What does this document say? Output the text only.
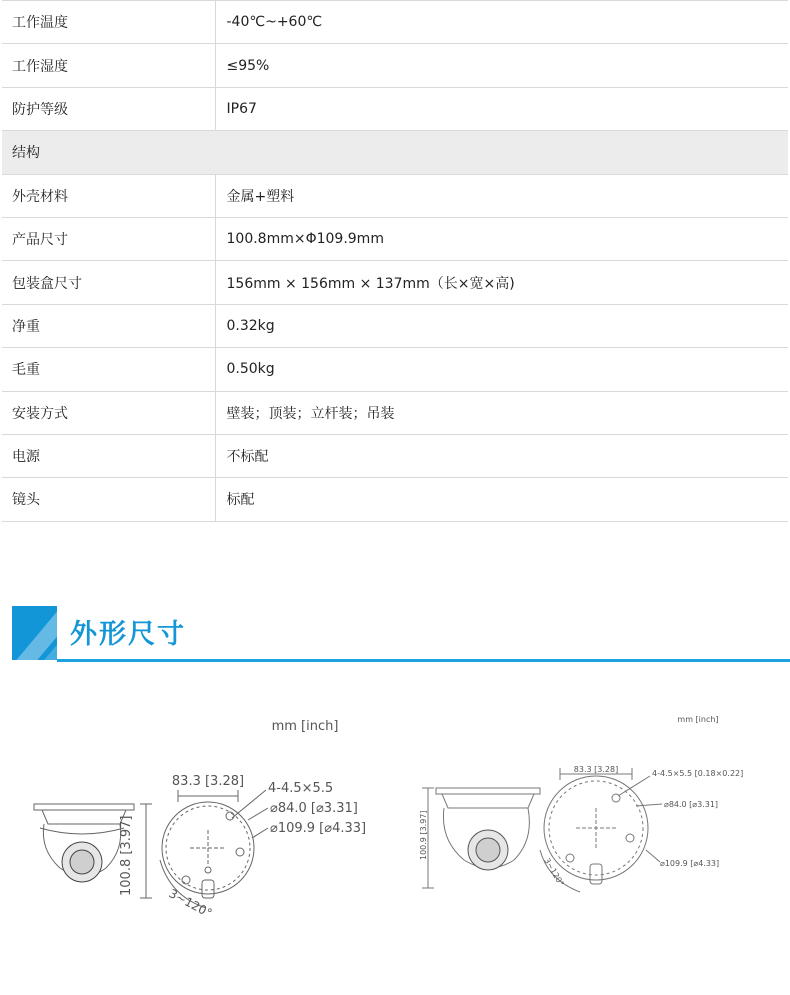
工作温度	-40℃~+60℃
工作湿度	≤95%
防护等级	IP67
结构	
外壳材料	金属+塑料
产品尺寸	100.8mm×Φ109.9mm
包装盒尺寸	156mm × 156mm × 137mm（长×宽×高)
净重	0.32kg
毛重	0.50kg
安装方式	壁装；顶装；立杆装；吊装
电源	不标配
镜头	标配
外形尺寸
mm [inch]
100.8 [3.97]
83.3 [3.28] 4-4.5×5.5
⌀84.0 [⌀3.31]
⌀109.9 [⌀4.33]
3~120°
mm [inch]
100.9 [3.97]
83.3 [3.28]	4-4.5×5.5 [0.18×0.22]
⌀84.0 [⌀3.31]
⌀109.9 [⌀4.33]
3~120°
